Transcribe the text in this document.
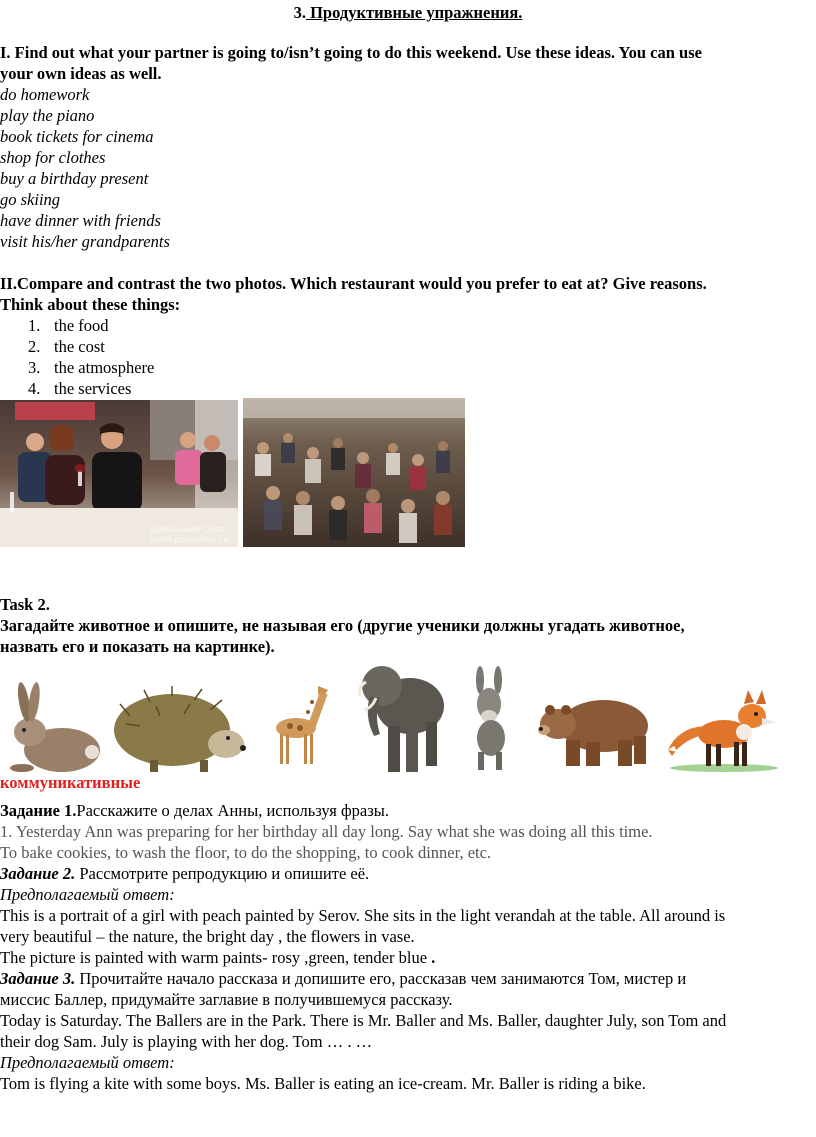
3. Продуктивные упражнения.
I. Find out what your partner is going to/isn’t going to do this weekend. Use these ideas. You can use
your own ideas as well.
do homework
play the piano
book tickets for cinema
shop for clothes
buy a birthday present
go skiing
have dinner with friends
visit his/her grandparents
II.Compare and contrast the two photos. Which restaurant would you prefer to eat at? Give reasons.
Think about these things:
1. the food
2. the cost
3. the atmosphere
4. the services
Домашний Очаг
www.pcoachus.ru
Task 2.
Загадайте животное и опишите, не называя его (другие ученики должны угадать животное,
назвать его и показать на картинке).
коммуникативные
Задание 1.Расскажите о делах Анны, используя фразы.
1. Yesterday Ann was preparing for her birthday all day long. Say what she was doing all this time.
To bake cookies, to wash the floor, to do the shopping, to cook dinner, etc.
Задание 2. Рассмотрите репродукцию и опишите её.
Предполагаемый ответ:
This is a portrait of a girl with peach painted by Serov. She sits in the light verandah at the table. All around is
very beautiful – the nature, the bright day , the flowers in vase.
The picture is painted with warm paints- rosy ,green, tender blue .
Задание 3. Прочитайте начало рассказа и допишите его, рассказав чем занимаются Том, мистер и
миссис Баллер, придумайте заглавие в получившемуся рассказу.
Today is Saturday. The Ballers are in the Park. There is Mr. Baller and Ms. Baller, daughter July, son Tom and
their dog Sam. July is playing with her dog. Tom … . …
Предполагаемый ответ:
Tom is flying a kite with some boys. Ms. Baller is eating an ice-cream. Mr. Baller is riding a bike.
